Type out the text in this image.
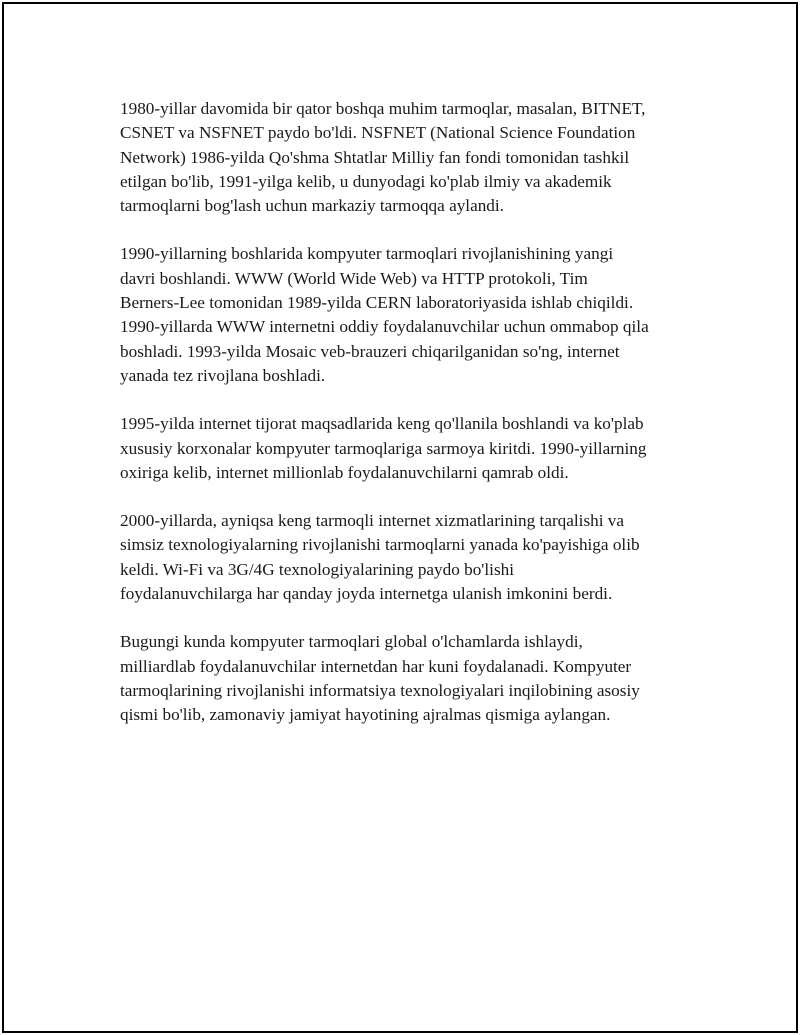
1980-yillar davomida bir qator boshqa muhim tarmoqlar, masalan, BITNET,
CSNET va NSFNET paydo bo'ldi. NSFNET (National Science Foundation
Network) 1986-yilda Qo'shma Shtatlar Milliy fan fondi tomonidan tashkil
etilgan bo'lib, 1991-yilga kelib, u dunyodagi ko'plab ilmiy va akademik
tarmoqlarni bog'lash uchun markaziy tarmoqqa aylandi.

1990-yillarning boshlarida kompyuter tarmoqlari rivojlanishining yangi
davri boshlandi. WWW (World Wide Web) va HTTP protokoli, Tim
Berners-Lee tomonidan 1989-yilda CERN laboratoriyasida ishlab chiqildi.
1990-yillarda WWW internetni oddiy foydalanuvchilar uchun ommabop qila
boshladi. 1993-yilda Mosaic veb-brauzeri chiqarilganidan so'ng, internet
yanada tez rivojlana boshladi.

1995-yilda internet tijorat maqsadlarida keng qo'llanila boshlandi va ko'plab
xususiy korxonalar kompyuter tarmoqlariga sarmoya kiritdi. 1990-yillarning
oxiriga kelib, internet millionlab foydalanuvchilarni qamrab oldi.

2000-yillarda, ayniqsa keng tarmoqli internet xizmatlarining tarqalishi va
simsiz texnologiyalarning rivojlanishi tarmoqlarni yanada ko'payishiga olib
keldi. Wi-Fi va 3G/4G texnologiyalarining paydo bo'lishi
foydalanuvchilarga har qanday joyda internetga ulanish imkonini berdi.

Bugungi kunda kompyuter tarmoqlari global o'lchamlarda ishlaydi,
milliardlab foydalanuvchilar internetdan har kuni foydalanadi. Kompyuter
tarmoqlarining rivojlanishi informatsiya texnologiyalari inqilobining asosiy
qismi bo'lib, zamonaviy jamiyat hayotining ajralmas qismiga aylangan.
